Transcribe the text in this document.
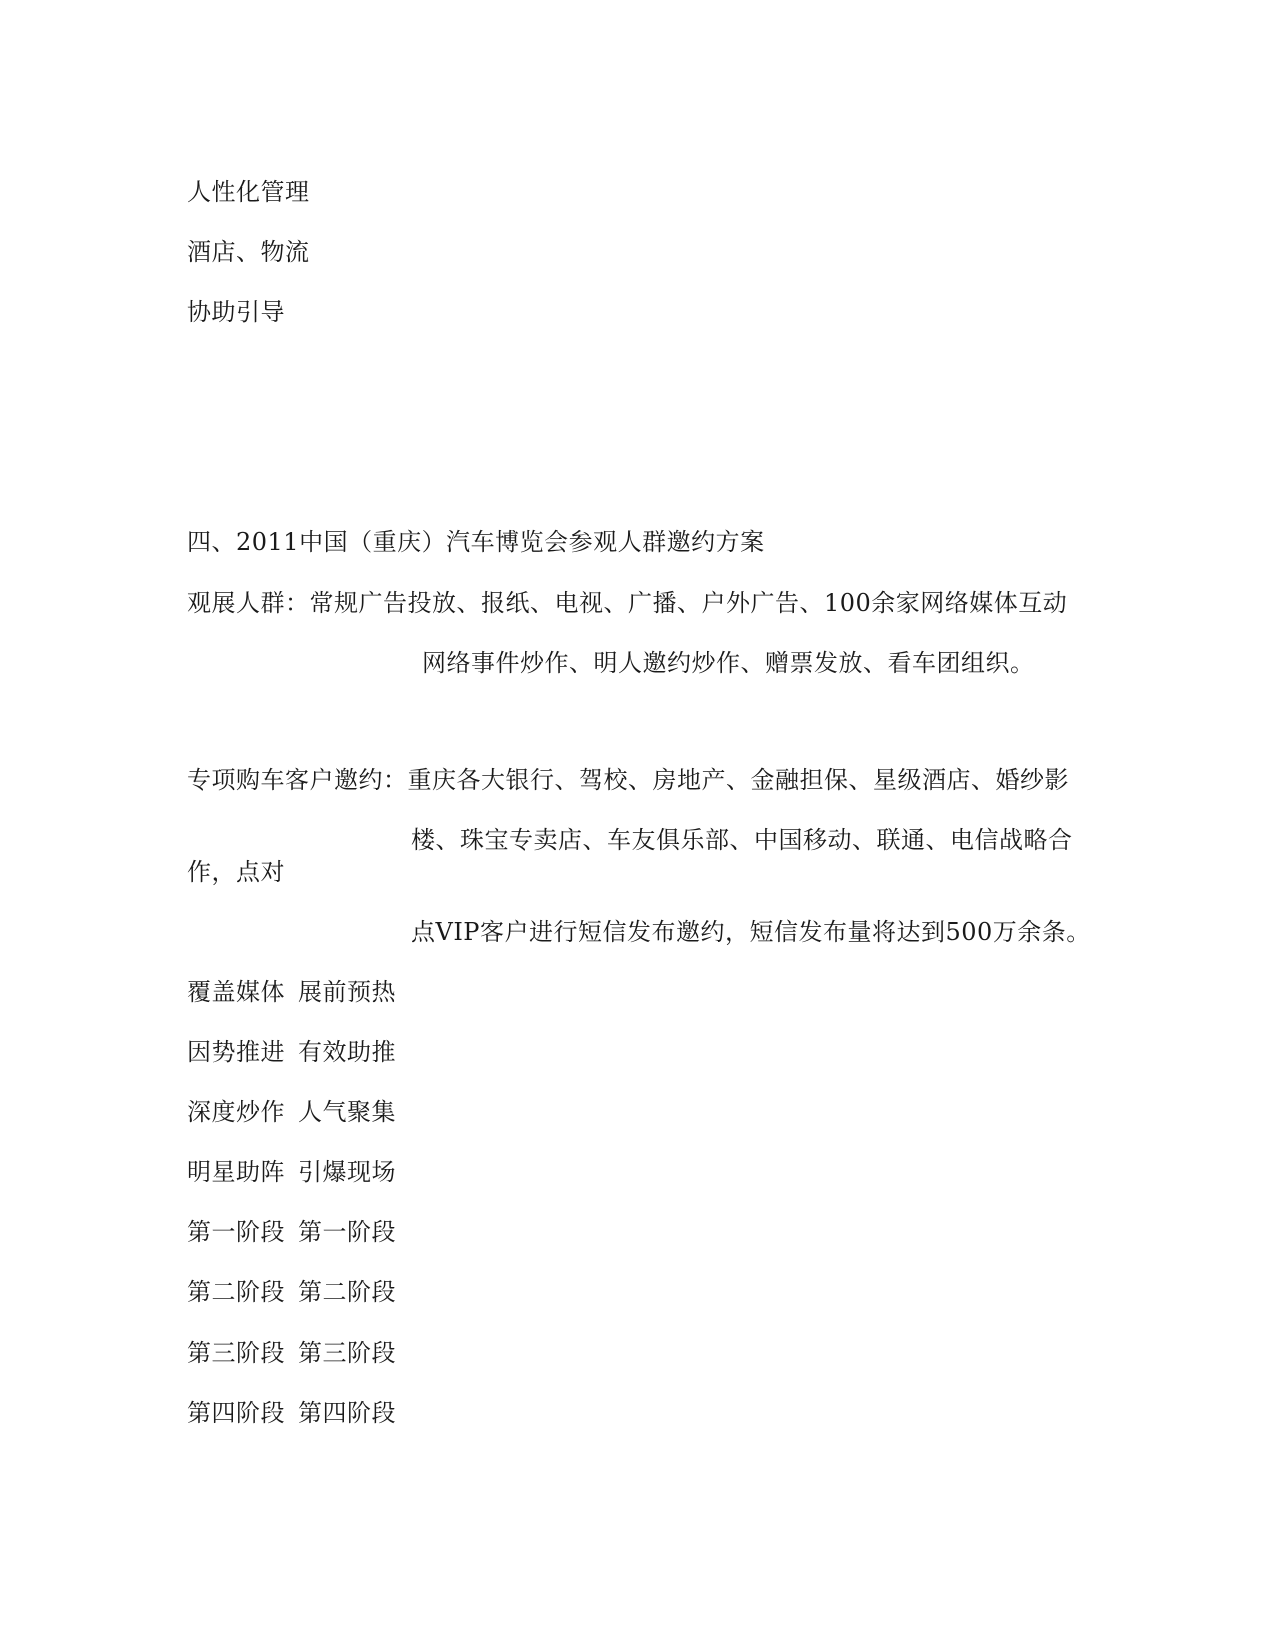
人性化管理
酒店、物流
协助引导
四、2011中国（重庆）汽车博览会参观人群邀约方案
观展人群：常规广告投放、报纸、电视、广播、户外广告、100余家网络媒体互动
网络事件炒作、明人邀约炒作、赠票发放、看车团组织。
专项购车客户邀约：重庆各大银行、驾校、房地产、金融担保、星级酒店、婚纱影
楼、珠宝专卖店、车友俱乐部、中国移动、联通、电信战略合
作，点对
点VIP客户进行短信发布邀约，短信发布量将达到500万余条。
覆盖媒体 展前预热
因势推进 有效助推
深度炒作 人气聚集
明星助阵 引爆现场
第一阶段 第一阶段
第二阶段 第二阶段
第三阶段 第三阶段
第四阶段 第四阶段
